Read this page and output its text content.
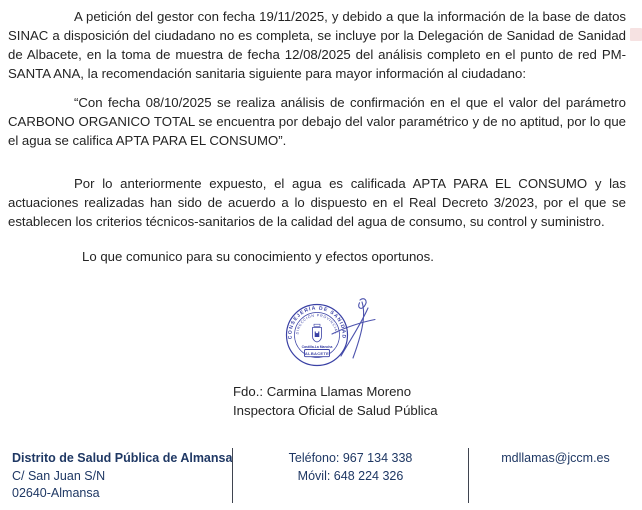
A petición del gestor con fecha 19/11/2025, y debido a que la información de la base de datos SINAC a disposición del ciudadano no es completa, se incluye por la Delegación de Sanidad de Sanidad de Albacete, en la toma de muestra de fecha 12/08/2025 del análisis completo en el punto de red PM-SANTA ANA, la recomendación sanitaria siguiente para mayor información al ciudadano:

“Con fecha 08/10/2025 se realiza análisis de confirmación en el que el valor del parámetro CARBONO ORGANICO TOTAL se encuentra por debajo del valor paramétrico y de no aptitud, por lo que el agua se califica APTA PARA EL CONSUMO”.

Por lo anteriormente expuesto, el agua es calificada APTA PARA EL CONSUMO y las actuaciones realizadas han sido de acuerdo a lo dispuesto en el Real Decreto 3/2023, por el que se establecen los criterios técnicos-sanitarios de la calidad del agua de consumo, su control y suministro.

Lo que comunico para su conocimiento y efectos oportunos.

CONSEJERÍA DE SANIDAD
DIRECCIÓN PROVINCIAL
Castilla-La Mancha
ALBACETE
Fdo.: Carmina Llamas Moreno
Inspectora Oficial de Salud Pública
Distrito de Salud Pública de Almansa
C/ San Juan S/N
02640-Almansa
Teléfono: 967 134 338
Móvil: 648 224 326
mdllamas@jccm.es
